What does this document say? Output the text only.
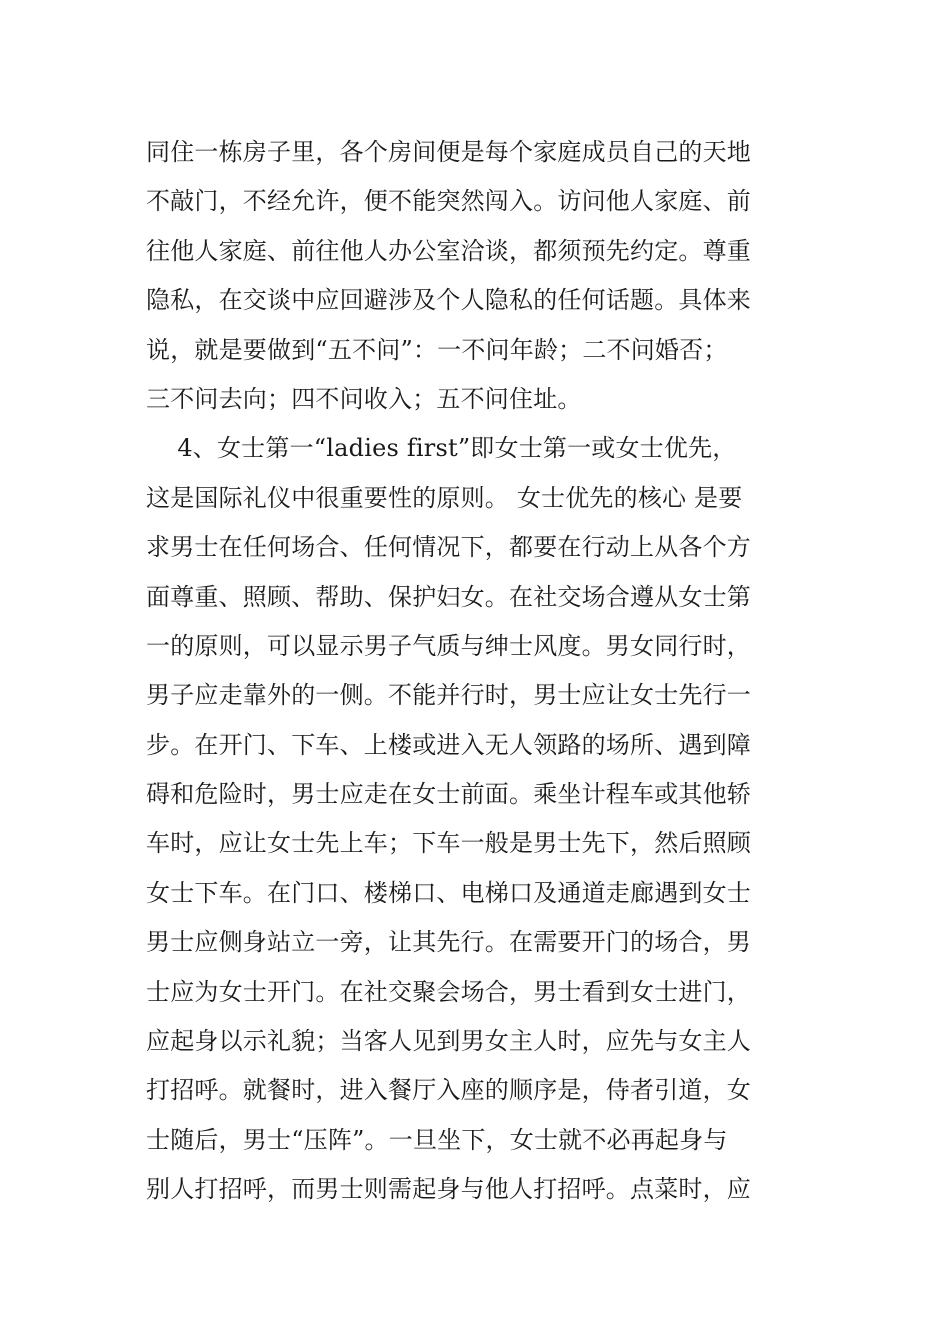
同住一栋房子里，各个房间便是每个家庭成员自己的天地
不敲门，不经允许，便不能突然闯入。访问他人家庭、前
往他人家庭、前往他人办公室洽谈，都须预先约定。尊重
隐私，在交谈中应回避涉及个人隐私的任何话题。具体来
说，就是要做到“五不问”：一不问年龄；二不问婚否；
三不问去向；四不问收入；五不问住址。
4、女士第一“ladies first”即女士第一或女士优先，
这是国际礼仪中很重要性的原则。 女士优先的核心 是要
求男士在任何场合、任何情况下，都要在行动上从各个方
面尊重、照顾、帮助、保护妇女。在社交场合遵从女士第
一的原则，可以显示男子气质与绅士风度。男女同行时，
男子应走靠外的一侧。不能并行时，男士应让女士先行一
步。在开门、下车、上楼或进入无人领路的场所、遇到障
碍和危险时，男士应走在女士前面。乘坐计程车或其他轿
车时，应让女士先上车；下车一般是男士先下，然后照顾
女士下车。在门口、楼梯口、电梯口及通道走廊遇到女士
男士应侧身站立一旁，让其先行。在需要开门的场合，男
士应为女士开门。在社交聚会场合，男士看到女士进门，
应起身以示礼貌；当客人见到男女主人时，应先与女主人
打招呼。就餐时，进入餐厅入座的顺序是，侍者引道，女
士随后，男士“压阵”。一旦坐下，女士就不必再起身与
别人打招呼，而男士则需起身与他人打招呼。点菜时，应
